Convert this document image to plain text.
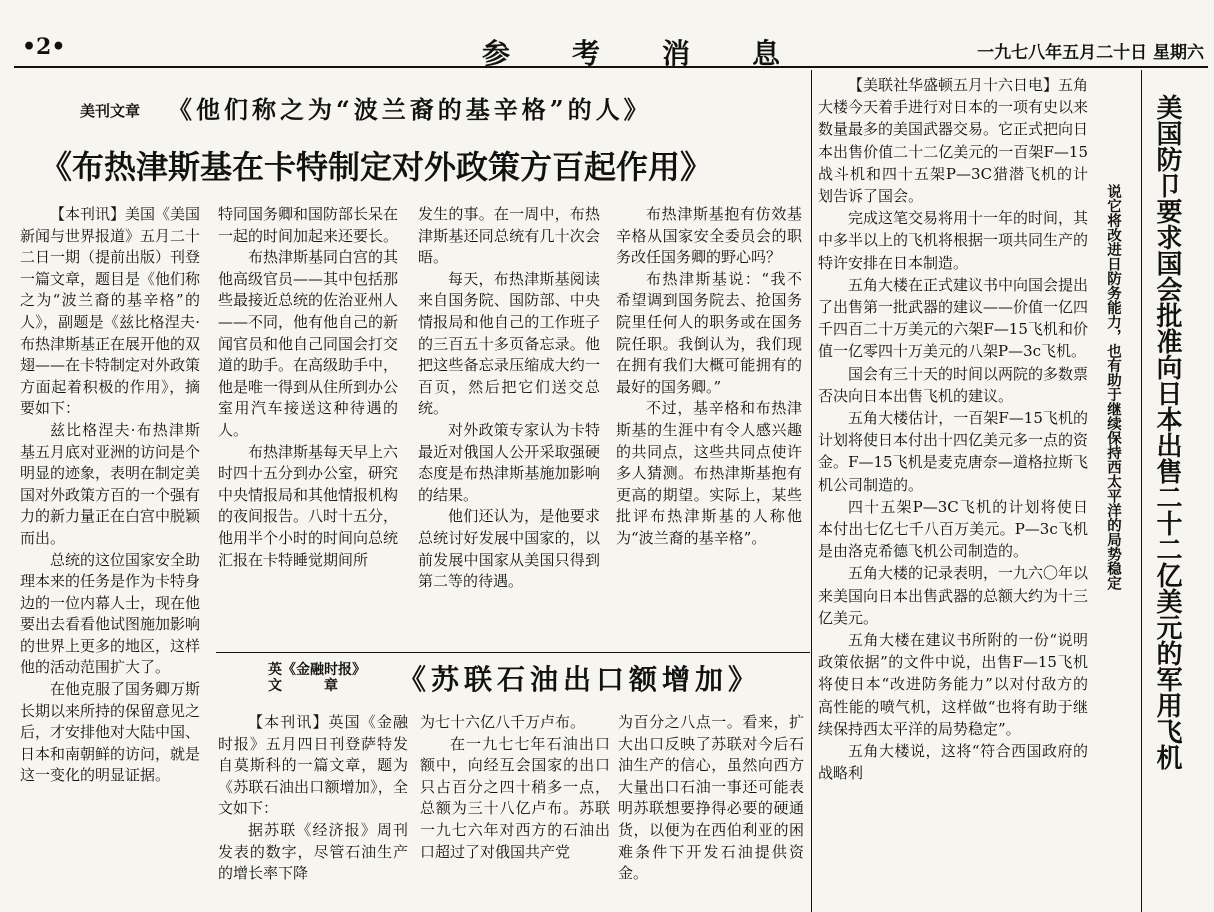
•2•	参考消息	一九七八年五月二十日 星期六
美刊文章 《他们称之为“波兰裔的基辛格”的人》
《布热津斯基在卡特制定对外政策方百起作用》

【本刊讯】美国《美国新闻与世界报道》五月二十二日一期（提前出版）刊登一篇文章，题目是《他们称之为“波兰裔的基辛格”的人》，副题是《兹比格涅夫·布热津斯基正在展开他的双翅——在卡特制定对外政策方面起着积极的作用》，摘要如下：

兹比格涅夫·布热津斯基五月底对亚洲的访问是个明显的迹象，表明在制定美国对外政策方百的一个强有力的新力量正在白宫中脱颖而出。

总统的这位国家安全助理本来的任务是作为卡特身边的一位内幕人士，现在他要出去看看他试图施加影响的世界上更多的地区，这样他的活动范围扩大了。

在他克服了国务卿万斯长期以来所持的保留意见之后，才安排他对大陆中国、日本和南朝鲜的访问，就是这一变化的明显证据。

特同国务卿和国防部长呆在一起的时间加起来还要长。

布热津斯基同白宫的其他高级官员——其中包括那些最接近总统的佐治亚州人——不同，他有他自己的新闻官员和他自己同国会打交道的助手。在高级助手中，他是唯一得到从住所到办公室用汽车接送这种待遇的人。

布热津斯基每天早上六时四十五分到办公室，研究中央情报局和其他情报机构的夜间报告。八时十五分，他用半个小时的时间向总统汇报在卡特睡觉期间所

发生的事。在一周中，布热津斯基还同总统有几十次会晤。

每天，布热津斯基阅读来自国务院、国防部、中央情报局和他自己的工作班子的三百五十多页备忘录。他把这些备忘录压缩成大约一百页，然后把它们送交总统。

对外政策专家认为卡特最近对俄国人公开采取强硬态度是布热津斯基施加影响的结果。

他们还认为，是他要求总统讨好发展中国家的，以前发展中国家从美国只得到第二等的待遇。

布热津斯基抱有仿效基辛格从国家安全委员会的职务改任国务卿的野心吗？

布热津斯基说：“我不希望调到国务院去、抢国务院里任何人的职务或在国务院任职。我倒认为，我们现在拥有我们大概可能拥有的最好的国务卿。”

不过，基辛格和布热津斯基的生涯中有令人感兴趣的共同点，这些共同点使许多人猜测。布热津斯基抱有更高的期望。实际上，某些批评布热津斯基的人称他为“波兰裔的基辛格”。

英《金融时报》
文　　　章	《苏联石油出口额增加》

【本刊讯】英国《金融时报》五月四日刊登萨特发自莫斯科的一篇文章，题为《苏联石油出口额增加》，全文如下：

据苏联《经济报》周刊发表的数字，尽管石油生产的增长率下降

为七十六亿八千万卢布。

在一九七七年石油出口额中，向经互会国家的出口只占百分之四十稍多一点，总额为三十八亿卢布。苏联一九七六年对西方的石油出口超过了对俄国共产党

为百分之八点一。看来，扩大出口反映了苏联对今后石油生产的信心，虽然向西方大量出口石油一事还可能表明苏联想要挣得必要的硬通货，以便为在西伯利亚的困难条件下开发石油提供资金。

【美联社华盛顿五月十六日电】五角大楼今天着手进行对日本的一项有史以来数量最多的美国武器交易。它正式把向日本出售价值二十二亿美元的一百架F—15战斗机和四十五架P—3C猎潜飞机的计划告诉了国会。

完成这笔交易将用十一年的时间，其中多半以上的飞机将根据一项共同生产的特许安排在日本制造。

五角大楼在正式建议书中向国会提出了出售第一批武器的建议——价值一亿四千四百二十万美元的六架F—15飞机和价值一亿零四十万美元的八架P—3c飞机。

国会有三十天的时间以两院的多数票否决向日本出售飞机的建议。

五角大楼估计，一百架F—15飞机的计划将使日本付出十四亿美元多一点的资金。F—15飞机是麦克唐奈—道格拉斯飞机公司制造的。

四十五架P—3C飞机的计划将使日本付出七亿七千八百万美元。P—3c飞机是由洛克希德飞机公司制造的。

五角大楼的记录表明，一九六〇年以来美国向日本出售武器的总额大约为十三亿美元。

五角大楼在建议书所附的一份“说明政策依据”的文件中说，出售F—15飞机将使日本“改进防务能力”以对付敌方的高性能的喷气机，这样做“也将有助于继续保持西太平洋的局势稳定”。

五角大楼说，这将“符合西国政府的战略利

说它将改进日防务能力，也有助于继续保持西太平洋的局势稳定 美国防卩要求国会批准向日本出售二十二亿美元的军用飞机
